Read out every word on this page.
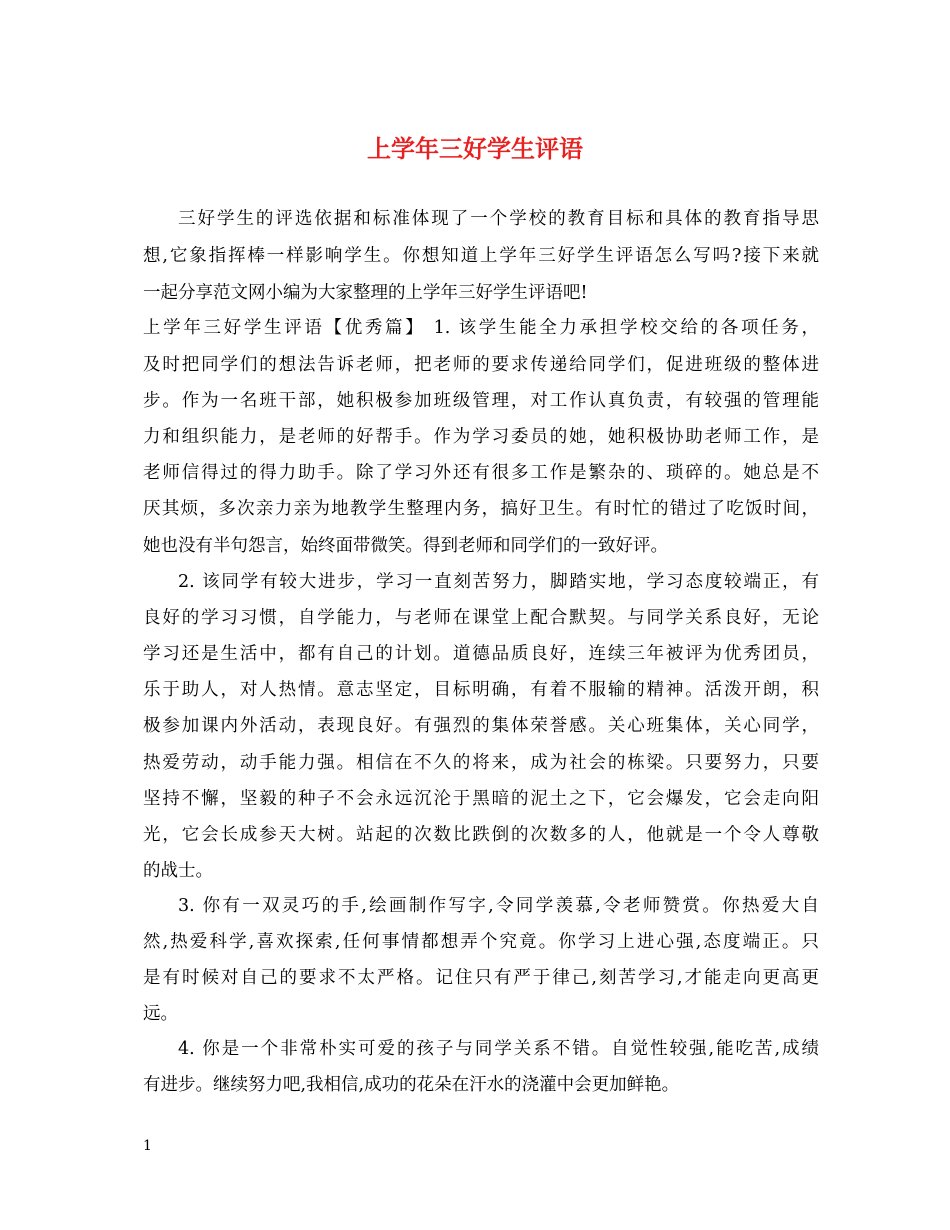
上学年三好学生评语
三好学生的评选依据和标准体现了一个学校的教育目标和具体的教育指导思
想,它象指挥棒一样影响学生。你想知道上学年三好学生评语怎么写吗?接下来就
一起分享范文网小编为大家整理的上学年三好学生评语吧!
上学年三好学生评语【优秀篇】 1. 该学生能全力承担学校交给的各项任务，
及时把同学们的想法告诉老师，把老师的要求传递给同学们，促进班级的整体进
步。作为一名班干部，她积极参加班级管理，对工作认真负责，有较强的管理能
力和组织能力，是老师的好帮手。作为学习委员的她，她积极协助老师工作，是
老师信得过的得力助手。除了学习外还有很多工作是繁杂的、琐碎的。她总是不
厌其烦，多次亲力亲为地教学生整理内务，搞好卫生。有时忙的错过了吃饭时间，
她也没有半句怨言，始终面带微笑。得到老师和同学们的一致好评。
2. 该同学有较大进步，学习一直刻苦努力，脚踏实地，学习态度较端正，有
良好的学习习惯，自学能力，与老师在课堂上配合默契。与同学关系良好，无论
学习还是生活中，都有自己的计划。道德品质良好，连续三年被评为优秀团员，
乐于助人，对人热情。意志坚定，目标明确，有着不服输的精神。活泼开朗，积
极参加课内外活动，表现良好。有强烈的集体荣誉感。关心班集体，关心同学，
热爱劳动，动手能力强。相信在不久的将来，成为社会的栋梁。只要努力，只要
坚持不懈，坚毅的种子不会永远沉沦于黑暗的泥土之下，它会爆发，它会走向阳
光，它会长成参天大树。站起的次数比跌倒的次数多的人，他就是一个令人尊敬
的战士。
3. 你有一双灵巧的手,绘画制作写字,令同学羡慕,令老师赞赏。你热爱大自
然,热爱科学,喜欢探索,任何事情都想弄个究竟。你学习上进心强,态度端正。只
是有时候对自己的要求不太严格。记住只有严于律己,刻苦学习,才能走向更高更
远。
4. 你是一个非常朴实可爱的孩子与同学关系不错。自觉性较强,能吃苦,成绩
有进步。继续努力吧,我相信,成功的花朵在汗水的浇灌中会更加鲜艳。
1
